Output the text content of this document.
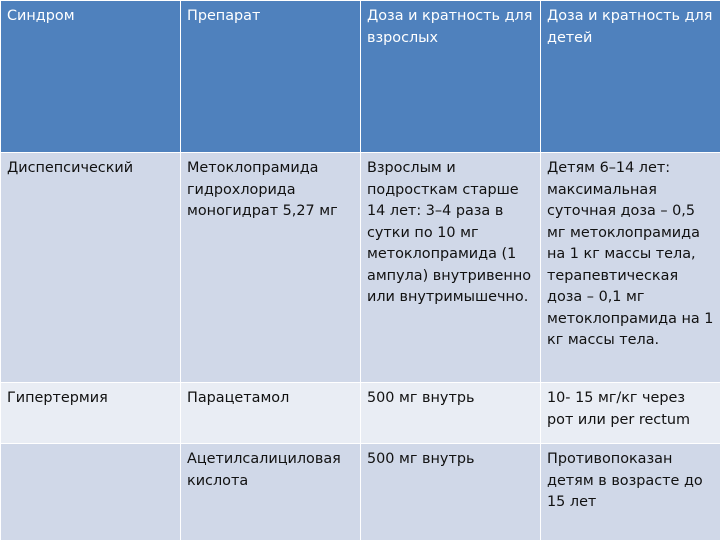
Синдром	Препарат	Доза и кратность для взрослых	Доза и кратность для детей
Диспепсический	Метоклопрамида гидрохлорида моногидрат 5,27 мг	Взрослым и подросткам старше 14 лет: 3–4 раза в сутки по 10 мг метоклопрамида (1 ампула) внутривенно или внутримышечно.	Детям 6–14 лет: максимальная суточная доза – 0,5 мг метоклопрамида на 1 кг массы тела, терапевтическая доза – 0,1 мг метоклопрамида на 1 кг массы тела.
Гипертермия	Парацетамол	500 мг внутрь	10- 15 мг/кг через рот или per rectum
	Ацетилсалициловая кислота	500 мг внутрь	Противопоказан детям в возрасте до 15 лет
